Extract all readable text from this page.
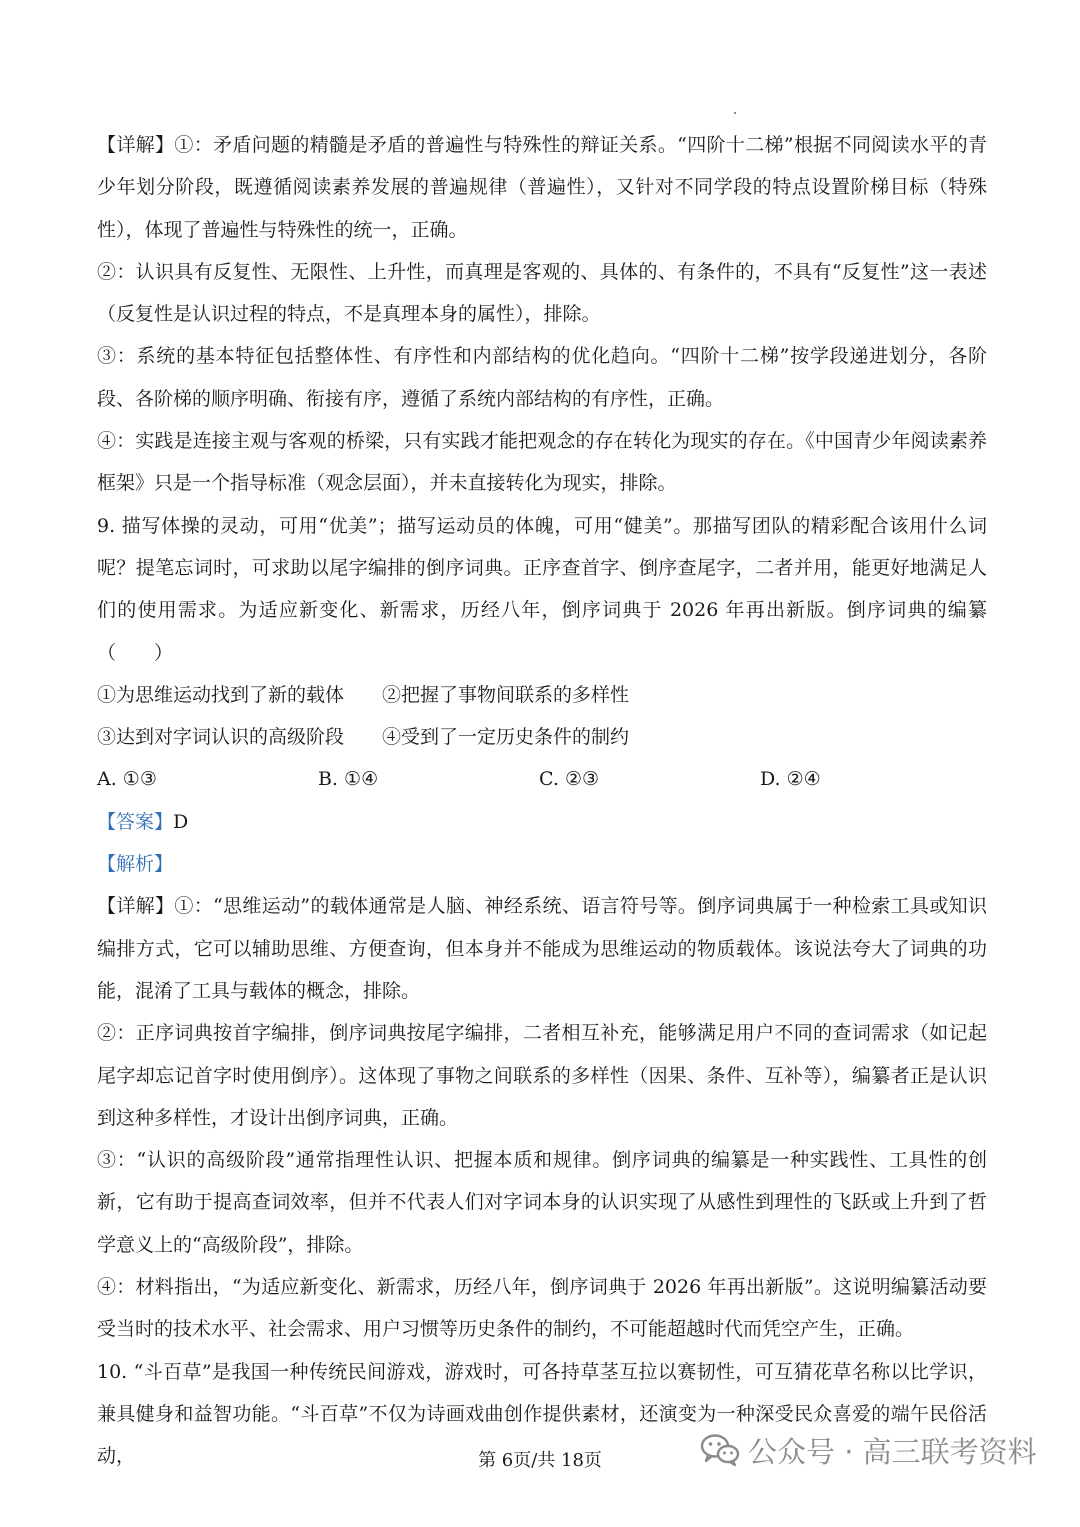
【详解】①：矛盾问题的精髓是矛盾的普遍性与特殊性的辩证关系。“四阶十二梯”根据不同阅读水平的青少年划分阶段，既遵循阅读素养发展的普遍规律（普遍性），又针对不同学段的特点设置阶梯目标（特殊性），体现了普遍性与特殊性的统一，正确。

②：认识具有反复性、无限性、上升性，而真理是客观的、具体的、有条件的，不具有“反复性”这一表述（反复性是认识过程的特点，不是真理本身的属性），排除。

③：系统的基本特征包括整体性、有序性和内部结构的优化趋向。“四阶十二梯”按学段递进划分，各阶段、各阶梯的顺序明确、衔接有序，遵循了系统内部结构的有序性，正确。

④：实践是连接主观与客观的桥梁，只有实践才能把观念的存在转化为现实的存在。《中国青少年阅读素养框架》只是一个指导标准（观念层面），并未直接转化为现实，排除。

9. 描写体操的灵动，可用“优美”；描写运动员的体魄，可用“健美”。那描写团队的精彩配合该用什么词呢？提笔忘词时，可求助以尾字编排的倒序词典。正序查首字、倒序查尾字，二者并用，能更好地满足人们的使用需求。为适应新变化、新需求，历经八年，倒序词典于 2026 年再出新版。倒序词典的编纂（　　）

①为思维运动找到了新的载体	②把握了事物间联系的多样性
③达到对字词认识的高级阶段	④受到了一定历史条件的制约
A. ①③	B. ①④	C. ②③	D. ②④

【答案】D

【解析】

【详解】①：“思维运动”的载体通常是人脑、神经系统、语言符号等。倒序词典属于一种检索工具或知识编排方式，它可以辅助思维、方便查询，但本身并不能成为思维运动的物质载体。该说法夸大了词典的功能，混淆了工具与载体的概念，排除。

②：正序词典按首字编排，倒序词典按尾字编排，二者相互补充，能够满足用户不同的查词需求（如记起尾字却忘记首字时使用倒序）。这体现了事物之间联系的多样性（因果、条件、互补等），编纂者正是认识到这种多样性，才设计出倒序词典，正确。

③：“认识的高级阶段”通常指理性认识、把握本质和规律。倒序词典的编纂是一种实践性、工具性的创新，它有助于提高查词效率，但并不代表人们对字词本身的认识实现了从感性到理性的飞跃或上升到了哲学意义上的“高级阶段”，排除。

④：材料指出，“为适应新变化、新需求，历经八年，倒序词典于 2026 年再出新版”。这说明编纂活动要受当时的技术水平、社会需求、用户习惯等历史条件的制约，不可能超越时代而凭空产生，正确。

10. “斗百草”是我国一种传统民间游戏，游戏时，可各持草茎互拉以赛韧性，可互猜花草名称以比学识，兼具健身和益智功能。“斗百草”不仅为诗画戏曲创作提供素材，还演变为一种深受民众喜爱的端午民俗活动，	第 6页/共 18页	公众号 · 高三联考资料
